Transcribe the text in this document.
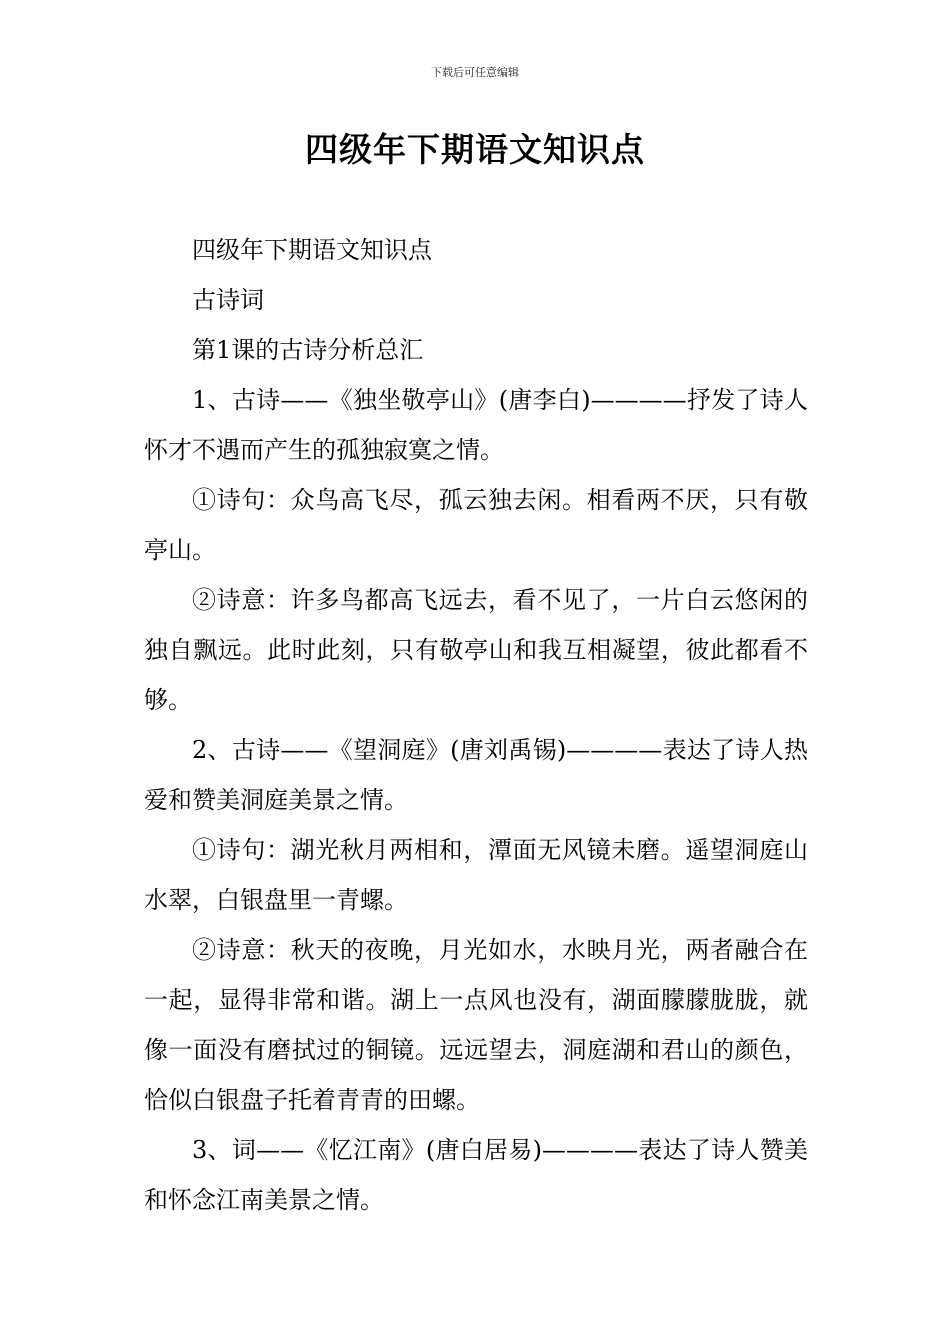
下载后可任意编辑
四级年下期语文知识点

四级年下期语文知识点

古诗词

第1课的古诗分析总汇

1、古诗——《独坐敬亭山》(唐李白)————抒发了诗人怀才不遇而产生的孤独寂寞之情。

①诗句：众鸟高飞尽，孤云独去闲。相看两不厌，只有敬亭山。

②诗意：许多鸟都高飞远去，看不见了，一片白云悠闲的独自飘远。此时此刻，只有敬亭山和我互相凝望，彼此都看不够。

2、古诗——《望洞庭》(唐刘禹锡)————表达了诗人热爱和赞美洞庭美景之情。

①诗句：湖光秋月两相和，潭面无风镜未磨。遥望洞庭山水翠，白银盘里一青螺。

②诗意：秋天的夜晚，月光如水，水映月光，两者融合在一起，显得非常和谐。湖上一点风也没有，湖面朦朦胧胧，就像一面没有磨拭过的铜镜。远远望去，洞庭湖和君山的颜色，恰似白银盘子托着青青的田螺。

3、词——《忆江南》(唐白居易)————表达了诗人赞美和怀念江南美景之情。
